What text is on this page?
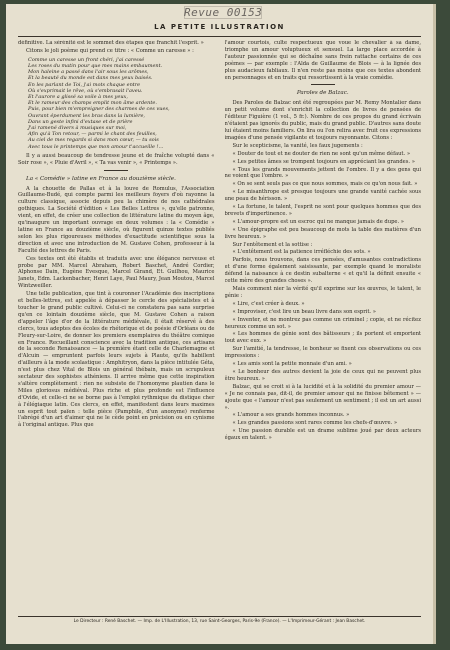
Revue 00153
LA PETITE ILLUSTRATION

définitive. La sérénité est le sommet des étapes que franchit l'esprit. »

Citons le joli poème qui prend ce titre : « Comme un caresse » :

Comme un caresse un front chéri, j'ai caressé
Les roses du matin pour que mes mains embaument.
Mon haleine a passé dans l'air sous les arômes,
Et la beauté du monde est dans mes yeux baisés.
En les parlant de Toi, j'ai mots chaque entre
Où s'exprimait le rêve, où s'embrasait l'aveu.
Et l'aurore a glissé sa voile à mes yeux,
Et le rameur des champs emplit mon âme ardente.
Puis, pour bien m'empreigner des charmes de ces vues,
Ouvrant éperdument les bras dans la lumière,
Dans un geste infini d'extase et de prière
J'ai ramené divers à musiques sur moi,
Afin qu'à Ton retour, — parmi le chant des feuilles,
Au ciel de mes regards si dans mon cœur, — tu sois
Avec tous le printemps que mon amour t'accueille !…

Il y a aussi beaucoup de tendresse jeune et de fraîche volupté dans « Soir rose », « Pluie d'Avril », « Ta vas venir », « Printemps ».

La « Comédie » latine en France au douzième siècle.

A la chouette de Pallas et à la louve de Romulus, l'Association Guillaume-Budé, qui compte parmi les meilleurs foyers d'où rayonne la culture classique, associe depuis peu la chimère de nos cathédrales gothiques. La Société d'édition « Les Belles Lettres », qu'elle patronne, vient, en effet, de créer une collection de littérature latine du moyen âge, qu'inaugure un important ouvrage en deux volumes : la « Comédie » latine en France au douzième siècle, où figurent quinze textes publiés selon les plus rigoureuses méthodes d'exactitude scientifique sous la direction et avec une introduction de M. Gustave Cohen, professeur à la Faculté des lettres de Paris.

Ces textes ont été établis et traduits avec une élégance nerveuse et probe par MM. Marcel Abraham, Robert Baschet, André Cordier, Alphonse Dain, Eugène Evesque, Marcel Girand, Et. Guilhou, Maurice Janets, Edm. Lackenbacher, Henri Laye, Paul Maury, Jean Moutou, Marcel Wintzweiller.

Une telle publication, que tint à couronner l'Académie des inscriptions et belles-lettres, est appelée à dépasser le cercle des spécialistes et à toucher le grand public cultivé. Celui-ci ne constatera pas sans surprise qu'en ce lointain douzième siècle, que M. Gustave Cohen a raison d'appeler l'âge d'or de la littérature médiévale, il était réservé à des clercs, tous adeptes des écoles de rhétorique et de poésie d'Orléans ou de Fleury-sur-Loire, de donner les premiers exemplaires du théâtre comique en France. Recueillant conscience avec la tradition antique, ces artisans de la seconde Renaissance — la première étant celle de Charlemagne et d'Alcuin — empruntent parfois leurs sujets à Plaute, qu'ils habillent d'ailleurs à la mode scolastique : Amphitryon, dans la pièce intitulée Géta, n'est plus chez Vital de Blois un général thébain, mais un scrupuleux sectateur des sophistes athéniens. Il arrive même que cette inspiration s'altère complètement : rien ne subsiste de l'homonyme plautien dans le Miles gloriosus médiéval. Plus riche et plus profonde est l'influence d'Ovide, et celle-ci ne se borne pas à l'emploi rythmique du distique cher à l'élégiaque latin. Ces clercs, en effet, manifestent dans leurs maximes un esprit tout païen : telle pièce (Pamphile, d'un anonyme) renferme l'abrégé d'un art d'aimer qui ne le cède point en précision ou en cynisme à l'original antique. Plus que

l'amour courtois, culte respectueux que voue le chevalier à sa dame, triomphe un amour voluptueux et sensuel. La large place accordée à l'auteur passionnée qui se déchaîne sans frein rattache certains de ces poèmes — par exemple : l'Alda de Guillaume de Blois — à la lignée des plus audacieux fabliaux. Il n'en reste pas moins que ces textes abondent en personnages et en traits qui ressortissent à la vraie comédie.

Paroles de Balzac.

Des Paroles de Balzac ont été regroupées par M. Remy Montalier dans un petit volume dont s'enrichit la collection de livres de pensées de l'éditeur Figuière (1 vol., 5 fr.). Nombre de ces propos du grand écrivain n'étaient pas ignorés du public, mais du grand public. D'autres sans doute lui étaient moins familiers. On lira ou l'on relira avec fruit ces expressions imagées d'une pensée vigilante et toujours rayonnante. Citons :

Sur le scepticisme, la vanité, les faux jugements :

« Douter de tout et ne douter de rien ne sont qu'un même défaut. »

« Les petites âmes se trompent toujours en appréciant les grandes. »

« Tous les grands mouvements jettent de l'ombre. Il y a des gens qui ne voient que l'ombre. »

« On se sent seuls pas ce que nous sommes, mais ce qu'on nous fait. »

« Le misanthrope est presque toujours une grande vanité cachée sous une peau de hérisson. »

« La fortune, le talent, l'esprit ne sont pour quelques hommes que des brevets d'impertinence. »

« L'amour-propre est un escroc qui ne manque jamais de dupe. »

« Une épigraphe est peu beaucoup de mots la table des matières d'un livre heureux. »

Sur l'entêtement et la sottise :

« L'entêtement est la patience irréfléchie des sots. »

Parfois, nous trouvons, dans ces pensées, d'amusantes contradictions et d'une forme également saisissante, par exemple quand le moraliste défend la naissance à ce destin subalterne « et qu'il la définit ensuite « cette mère des grandes choses ».

Mais comment nier la vérité qu'il exprime sur les œuvres, le talent, le génie :

« Lire, c'est créer à deux. »

« Improviser, c'est lire un beau livre dans son esprit. »

« Inventer, et ne montrez pas comme un criminel ; copie, et ne récitez heureux comme un sot. »

« Les hommes de génie sont des bâtisseurs ; ils portent et emportent tout avec eux. »

Sur l'amitié, la tendresse, le bonheur se fixent ces observations ou ces impressions :

« Les amis sont la petite monnaie d'un ami. »

« Le bonheur des autres devient la joie de ceux qui ne peuvent plus être heureux. »

Balzac, qui se croit si à la lucidité et à la solidité du premier amour — « Je ne connais pas, dit-il, de premier amour qui ne finisse bêtement » — ajoute que « l'amour n'est pas seulement un sentiment ; il est un art aussi ».

« L'amour a ses grands hommes inconnus. »

« Les grandes passions sont rares comme les chefs-d'œuvre. »

« Une passion durable est un drame sublime joué par deux acteurs égaux en talent. »

Le Directeur : René Baschet. — Imp. de L'Illustration, 13, rue Saint-Georges, Paris-9e (France). — L'Imprimeur-Gérant : Jean Baschet.
